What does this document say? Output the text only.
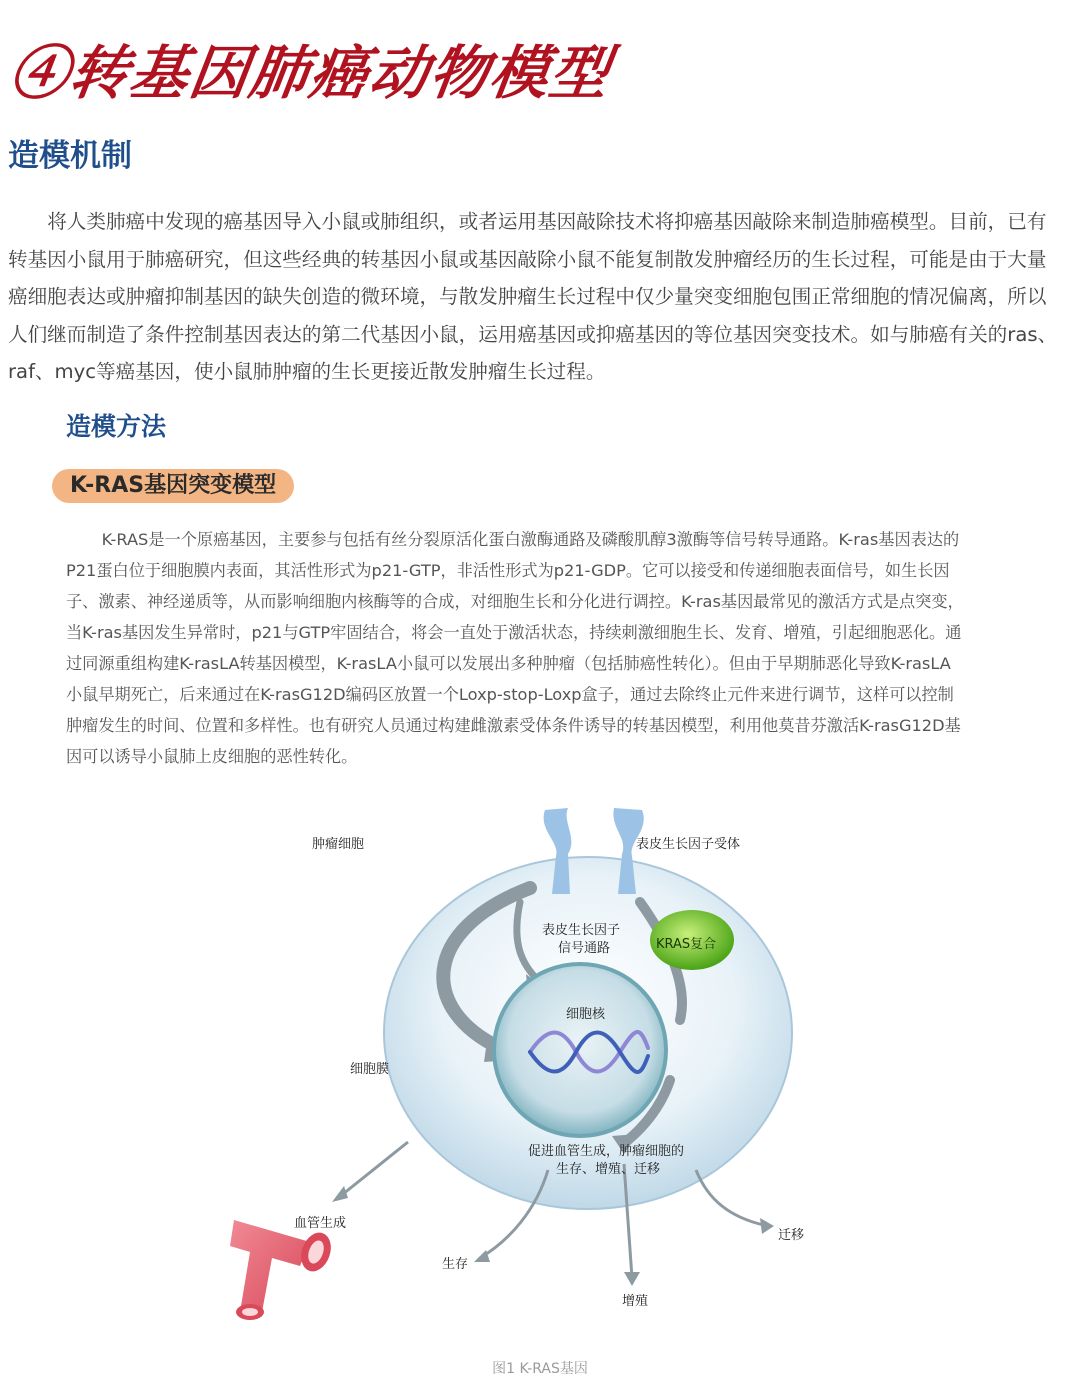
④转基因肺癌动物模型
造模机制

将人类肺癌中发现的癌基因导入小鼠或肺组织，或者运用基因敲除技术将抑癌基因敲除来制造肺癌模型。目前，已有转基因小鼠用于肺癌研究，但这些经典的转基因小鼠或基因敲除小鼠不能复制散发肿瘤经历的生长过程，可能是由于大量癌细胞表达或肿瘤抑制基因的缺失创造的微环境，与散发肿瘤生长过程中仅少量突变细胞包围正常细胞的情况偏离，所以人们继而制造了条件控制基因表达的第二代基因小鼠，运用癌基因或抑癌基因的等位基因突变技术。如与肺癌有关的ras、raf、myc等癌基因，使小鼠肺肿瘤的生长更接近散发肿瘤生长过程。

造模方法
K-RAS基因突变模型

K-RAS是一个原癌基因，主要参与包括有丝分裂原活化蛋白激酶通路及磷酸肌醇3激酶等信号转导通路。K-ras基因表达的P21蛋白位于细胞膜内表面，其活性形式为p21-GTP，非活性形式为p21-GDP。它可以接受和传递细胞表面信号，如生长因子、激素、神经递质等，从而影响细胞内核酶等的合成，对细胞生长和分化进行调控。K-ras基因最常见的激活方式是点突变，当K-ras基因发生异常时，p21与GTP牢固结合，将会一直处于激活状态，持续刺激细胞生长、发育、增殖，引起细胞恶化。通过同源重组构建K-rasLA转基因模型，K-rasLA小鼠可以发展出多种肿瘤（包括肺癌性转化）。但由于早期肺恶化导致K-rasLA小鼠早期死亡，后来通过在K-rasG12D编码区放置一个Loxp-stop-Loxp盒子，通过去除终止元件来进行调节，这样可以控制肿瘤发生的时间、位置和多样性。也有研究人员通过构建雌激素受体条件诱导的转基因模型，利用他莫昔芬激活K-rasG12D基因可以诱导小鼠肺上皮细胞的恶性转化。

肿瘤细胞	表皮生长因子受体
表皮生长因子
信号通路	KRAS复合
细胞核
细胞膜
促进血管生成，肿瘤细胞的
生存、增殖、迁移
血管生成
生存
增殖
迁移
图1 K-RAS基因
